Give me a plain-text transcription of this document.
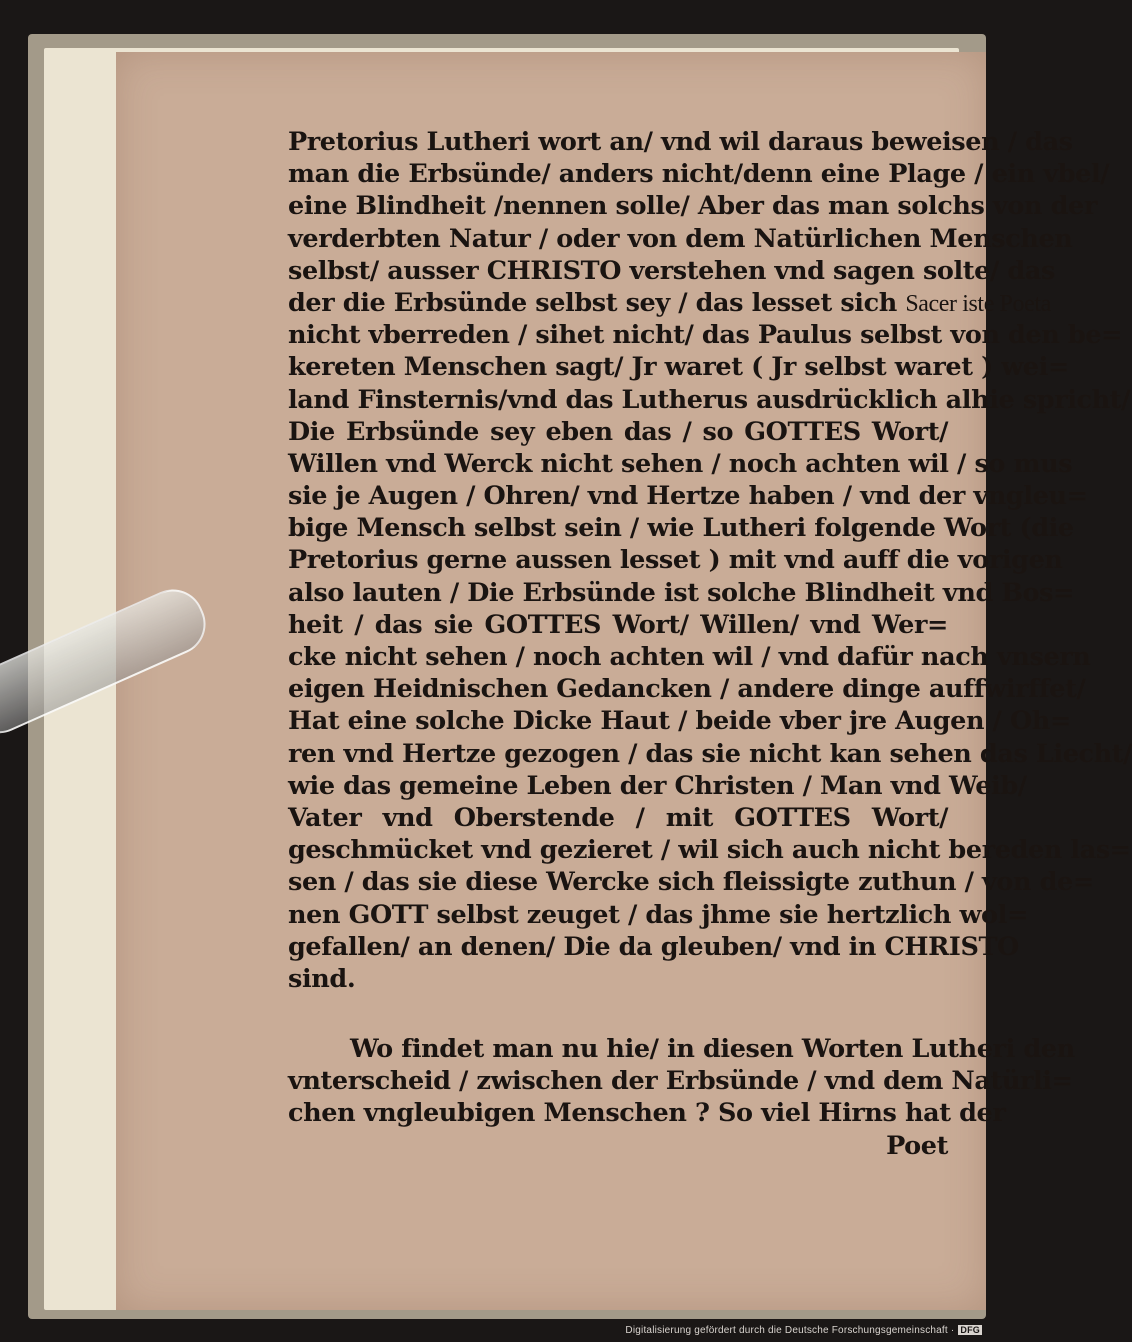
Pretorius Lutheri wort an/ vnd wil daraus beweisen / das
man die Erbsünde/ anders nicht/denn eine Plage / ein vbel/
eine Blindheit /nennen solle/ Aber das man solchs von der
verderbten Natur / oder von dem Natürlichen Menschen
selbst/ ausser CHRISTO verstehen vnd sagen solte/ das
der die Erbsünde selbst sey / das lesset sich Sacer iste Poeta
nicht vberreden / sihet nicht/ das Paulus selbst von den be=
kereten Menschen sagt/ Jr waret ( Jr selbst waret ) wei=
land Finsternis/vnd das Lutherus ausdrücklich alhie spricht/
Die Erbsünde sey eben das / so GOTTES Wort/
Willen vnd Werck nicht sehen / noch achten wil / so mus
sie je Augen / Ohren/ vnd Hertze haben / vnd der vngleu=
bige Mensch selbst sein / wie Lutheri folgende Wort (die
Pretorius gerne aussen lesset ) mit vnd auff die vorigen
also lauten / Die Erbsünde ist solche Blindheit vnd Bos=
heit / das sie GOTTES Wort/ Willen/ vnd Wer=
cke nicht sehen / noch achten wil / vnd dafür nach vnsern
eigen Heidnischen Gedancken / andere dinge auffwirffet/
Hat eine solche Dicke Haut / beide vber jre Augen / Oh=
ren vnd Hertze gezogen / das sie nicht kan sehen das Liecht/
wie das gemeine Leben der Christen / Man vnd Weib/
Vater vnd Oberstende / mit GOTTES Wort/
geschmücket vnd gezieret / wil sich auch nicht bereden las=
sen / das sie diese Wercke sich fleissigte zuthun / von de=
nen GOTT selbst zeuget / das jhme sie hertzlich wol=
gefallen/ an denen/ Die da gleuben/ vnd in CHRISTO
sind.
Wo findet man nu hie/ in diesen Worten Lutheri den
vnterscheid / zwischen der Erbsünde / vnd dem Natürli=
chen vngleubigen Menschen ? So viel Hirns hat der
Poet
Digitalisierung gefördert durch die Deutsche Forschungsgemeinschaft · DFG
